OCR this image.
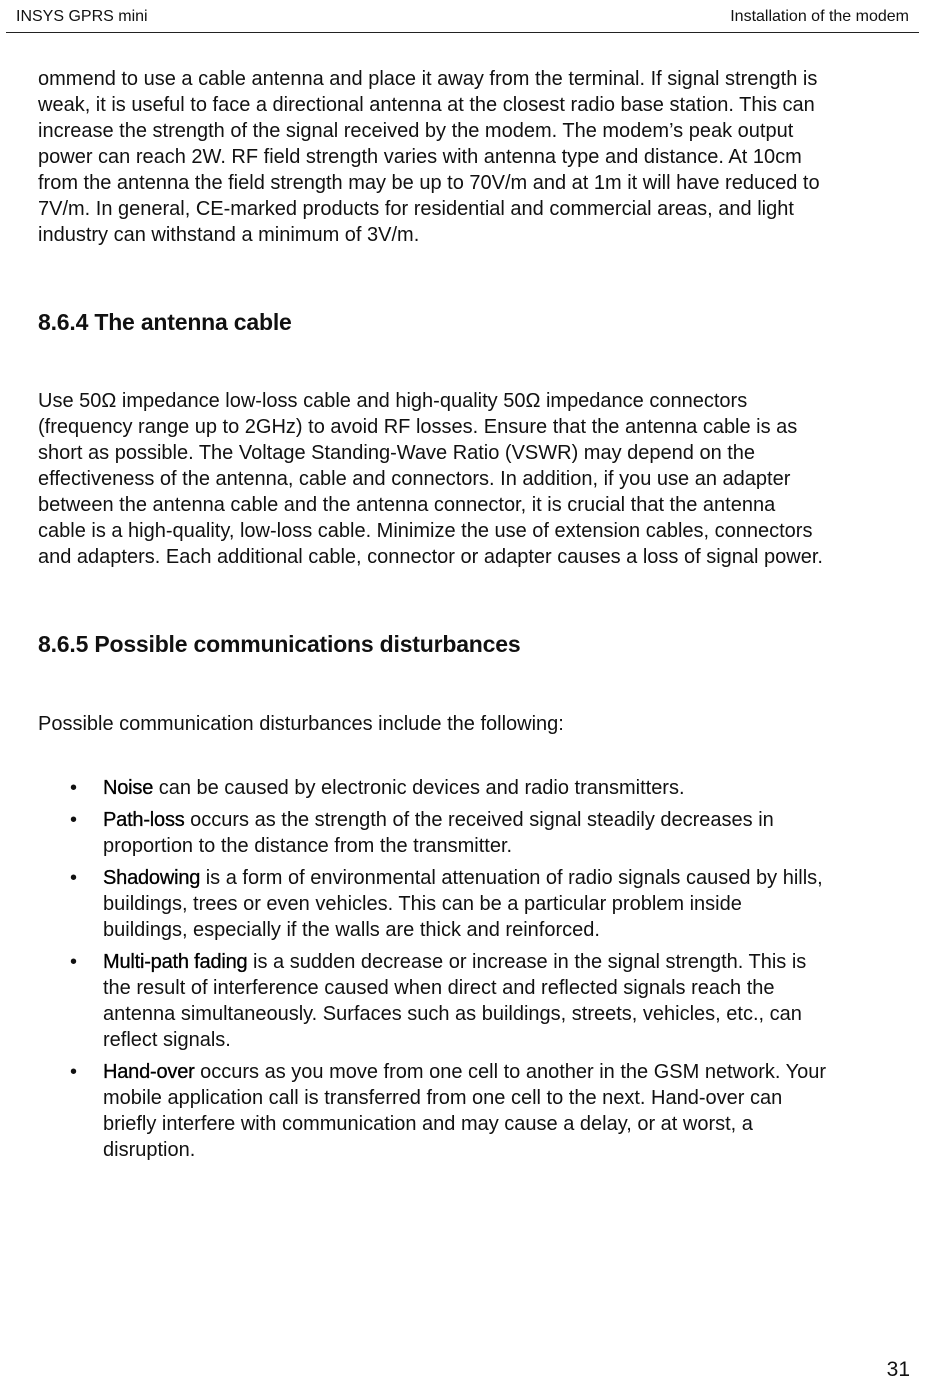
INSYS GPRS mini	Installation of the modem

ommend to use a cable antenna and place it away from the terminal. If signal strength is weak, it is useful to face a directional antenna at the closest radio base station. This can increase the strength of the signal received by the modem. The modem’s peak output power can reach 2W. RF field strength varies with antenna type and distance. At 10cm from the antenna the field strength may be up to 70V/m and at 1m it will have reduced to 7V/m. In general, CE-marked products for residential and commercial areas, and light industry can withstand a minimum of 3V/m.

8.6.4 The antenna cable

Use 50Ω impedance low-loss cable and high-quality 50Ω impedance connectors (frequency range up to 2GHz) to avoid RF losses. Ensure that the antenna cable is as short as possible. The Voltage Standing-Wave Ratio (VSWR) may depend on the effectiveness of the antenna, cable and connectors. In addition, if you use an adapter between the antenna cable and the antenna connector, it is crucial that the antenna cable is a high-quality, low-loss cable. Minimize the use of extension cables, connectors and adapters. Each additional cable, connector or adapter causes a loss of signal power.

8.6.5 Possible communications disturbances

Possible communication disturbances include the following:

• Noise can be caused by electronic devices and radio transmitters.
• Path-loss occurs as the strength of the received signal steadily decreases in proportion to the distance from the transmitter.
• Shadowing is a form of environmental attenuation of radio signals caused by hills, buildings, trees or even vehicles. This can be a particular problem inside buildings, especially if the walls are thick and reinforced.
• Multi-path fading is a sudden decrease or increase in the signal strength. This is the result of interference caused when direct and reflected signals reach the antenna simultaneously. Surfaces such as buildings, streets, vehicles, etc., can reflect signals.
• Hand-over occurs as you move from one cell to another in the GSM network. Your mobile application call is transferred from one cell to the next. Hand-over can briefly interfere with communication and may cause a delay, or at worst, a disruption.
31
